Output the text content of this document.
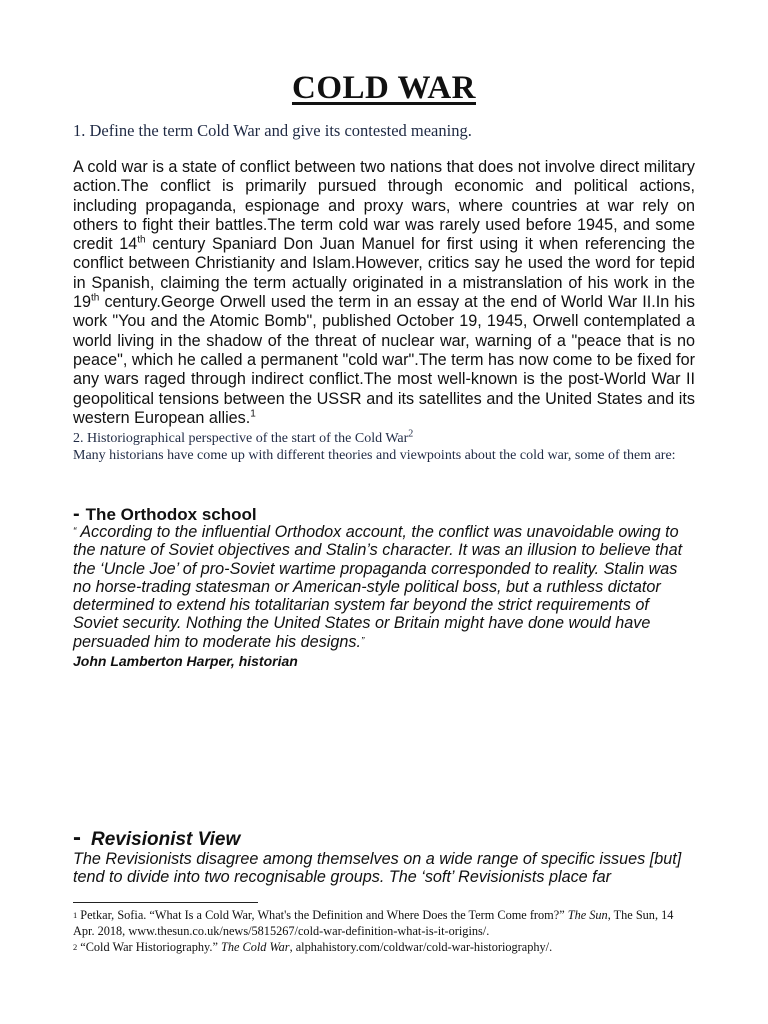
COLD WAR
1. Define the term Cold War and give its contested meaning.
A cold war is a state of conflict between two nations that does not involve direct military action.The conflict is primarily pursued through economic and political actions, including propaganda, espionage and proxy wars, where countries at war rely on others to fight their battles.The term cold war was rarely used before 1945, and some credit 14th century Spaniard Don Juan Manuel for first using it when referencing the conflict between Christianity and Islam.However, critics say he used the word for tepid in Spanish, claiming the term actually originated in a mistranslation of his work in the 19th century.George Orwell used the term in an essay at the end of World War II.In his work "You and the Atomic Bomb", published October 19, 1945, Orwell contemplated a world living in the shadow of the threat of nuclear war, warning of a "peace that is no peace", which he called a permanent "cold war".The term has now come to be fixed for any wars raged through indirect conflict.The most well-known is the post-World War II geopolitical tensions between the USSR and its satellites and the United States and its western European allies.$^1$
2. Historiographical perspective of the start of the Cold War$^2$
Many historians have come up with different theories and viewpoints about the cold war, some of them are:
- The Orthodox school
“ According to the influential Orthodox account, the conflict was unavoidable owing to the nature of Soviet objectives and Stalin’s character. It was an illusion to believe that the ‘Uncle Joe’ of pro-Soviet wartime propaganda corresponded to reality. Stalin was no horse-trading statesman or American-style political boss, but a ruthless dictator determined to extend his totalitarian system far beyond the strict requirements of Soviet security. Nothing the United States or Britain might have done would have persuaded him to moderate his designs.”
John Lamberton Harper, historian
- Revisionist View
The Revisionists disagree among themselves on a wide range of specific issues [but] tend to divide into two recognisable groups. The ‘soft’ Revisionists place far

$^1$ Petkar, Sofia. “What Is a Cold War, What's the Definition and Where Does the Term Come from?” The Sun, The Sun, 14 Apr. 2018, www.thesun.co.uk/news/5815267/cold-war-definition-what-is-it-origins/.

$^2$ “Cold War Historiography.” The Cold War, alphahistory.com/coldwar/cold-war-historiography/.
